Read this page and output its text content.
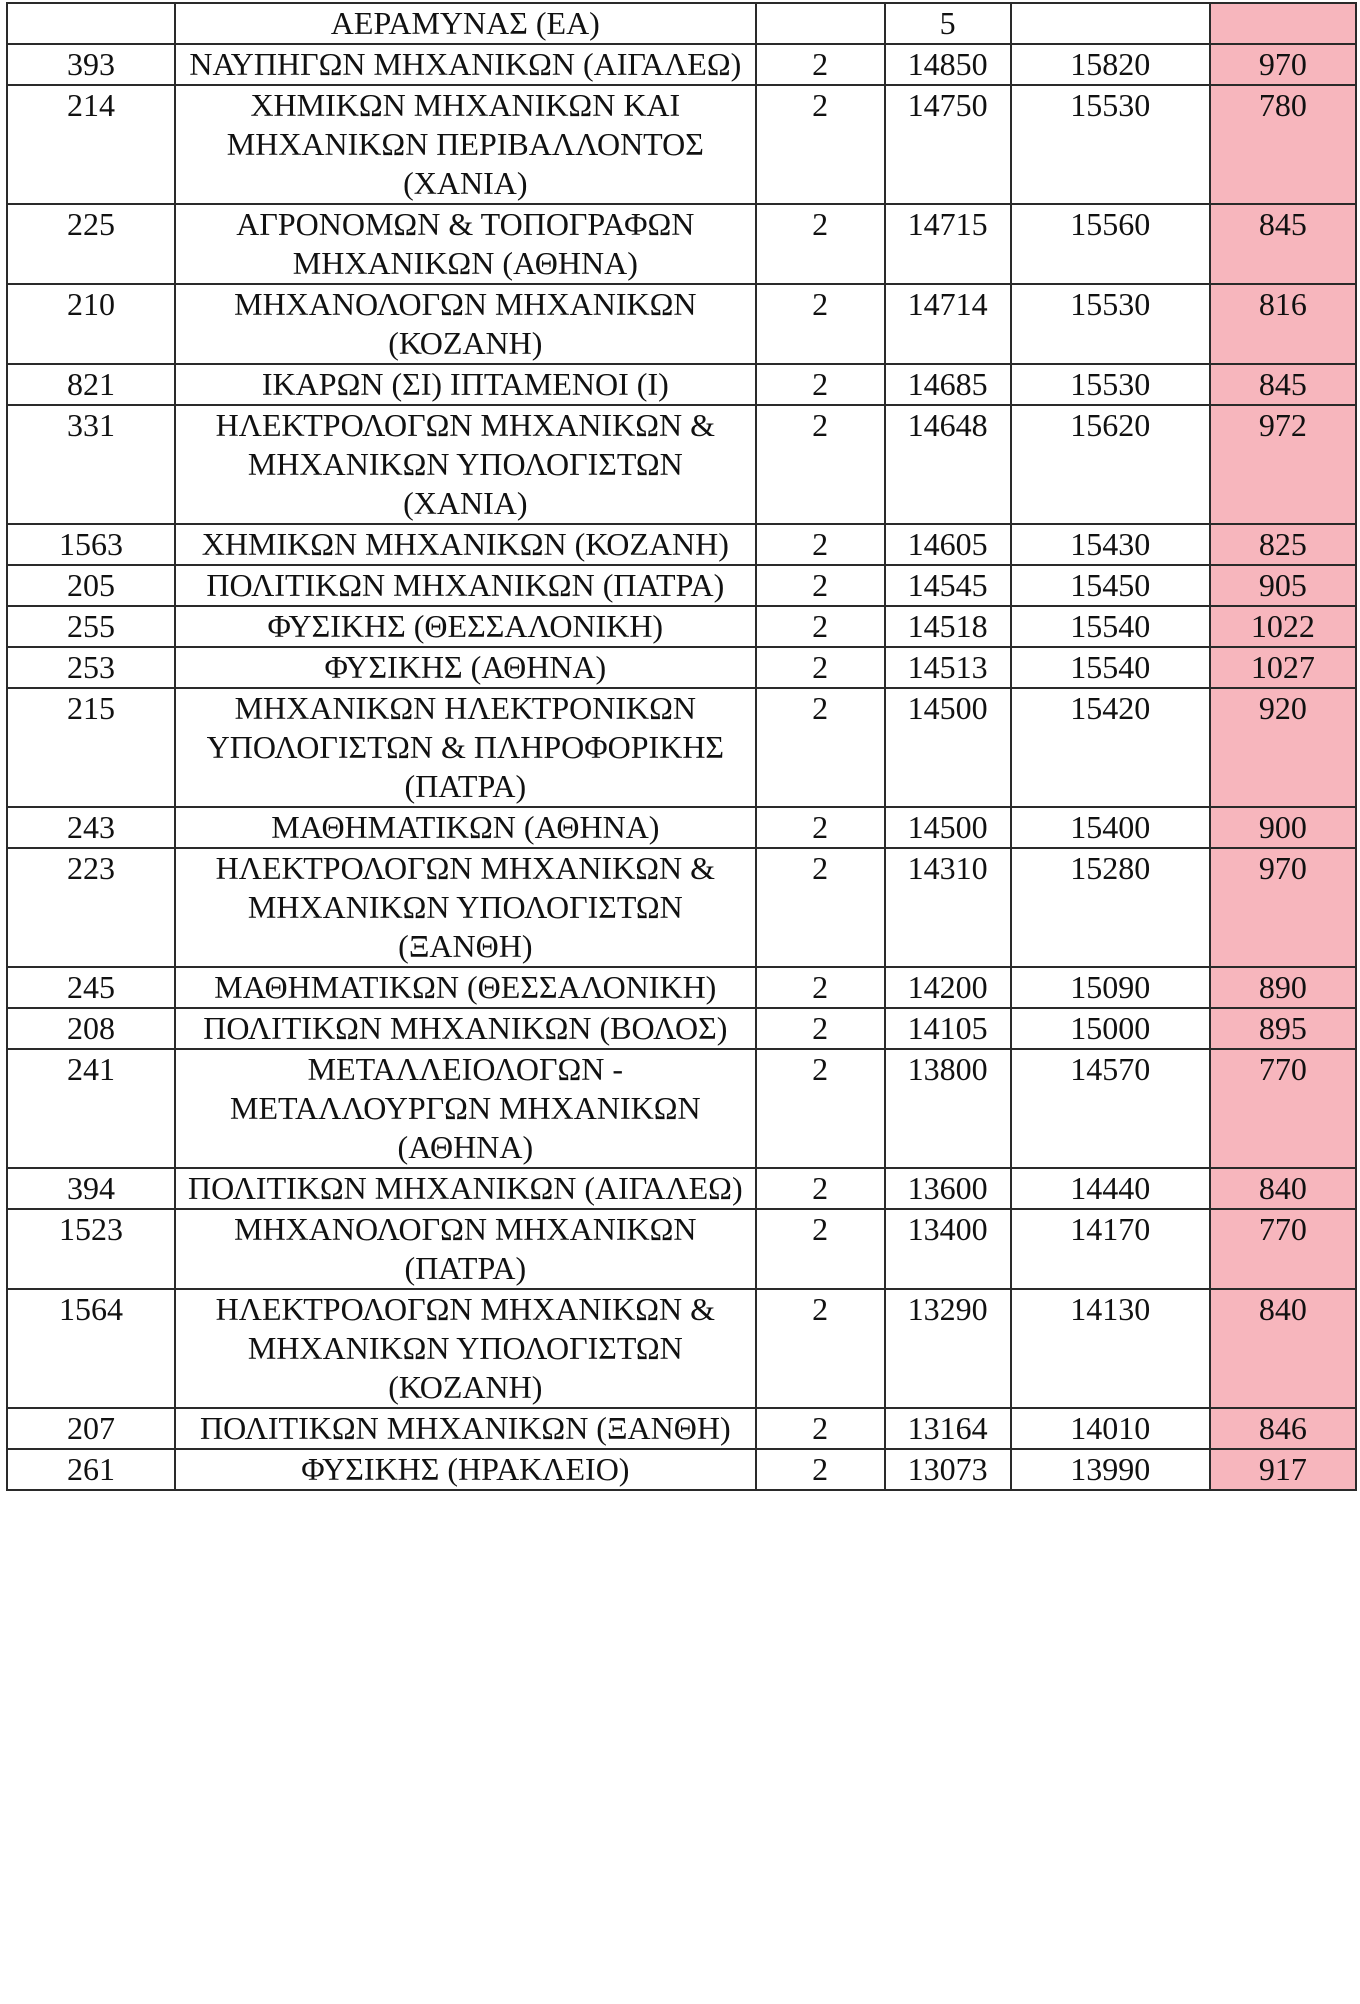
	ΑΕΡΑΜΥΝΑΣ (ΕΑ)		5		
393	ΝΑΥΠΗΓΩΝ ΜΗΧΑΝΙΚΩΝ (ΑΙΓΑΛΕΩ)	2	14850	15820	970
214	ΧΗΜΙΚΩΝ ΜΗΧΑΝΙΚΩΝ ΚΑΙ ΜΗΧΑΝΙΚΩΝ ΠΕΡΙΒΑΛΛΟΝΤΟΣ (ΧΑΝΙΑ)	2	14750	15530	780
225	ΑΓΡΟΝΟΜΩΝ & ΤΟΠΟΓΡΑΦΩΝ ΜΗΧΑΝΙΚΩΝ (ΑΘΗΝΑ)	2	14715	15560	845
210	ΜΗΧΑΝΟΛΟΓΩΝ ΜΗΧΑΝΙΚΩΝ (ΚΟΖΑΝΗ)	2	14714	15530	816
821	ΙΚΑΡΩΝ (ΣΙ) ΙΠΤΑΜΕΝΟΙ (Ι)	2	14685	15530	845
331	ΗΛΕΚΤΡΟΛΟΓΩΝ ΜΗΧΑΝΙΚΩΝ & ΜΗΧΑΝΙΚΩΝ ΥΠΟΛΟΓΙΣΤΩΝ (ΧΑΝΙΑ)	2	14648	15620	972
1563	ΧΗΜΙΚΩΝ ΜΗΧΑΝΙΚΩΝ (ΚΟΖΑΝΗ)	2	14605	15430	825
205	ΠΟΛΙΤΙΚΩΝ ΜΗΧΑΝΙΚΩΝ (ΠΑΤΡΑ)	2	14545	15450	905
255	ΦΥΣΙΚΗΣ (ΘΕΣΣΑΛΟΝΙΚΗ)	2	14518	15540	1022
253	ΦΥΣΙΚΗΣ (ΑΘΗΝΑ)	2	14513	15540	1027
215	ΜΗΧΑΝΙΚΩΝ ΗΛΕΚΤΡΟΝΙΚΩΝ ΥΠΟΛΟΓΙΣΤΩΝ & ΠΛΗΡΟΦΟΡΙΚΗΣ (ΠΑΤΡΑ)	2	14500	15420	920
243	ΜΑΘΗΜΑΤΙΚΩΝ (ΑΘΗΝΑ)	2	14500	15400	900
223	ΗΛΕΚΤΡΟΛΟΓΩΝ ΜΗΧΑΝΙΚΩΝ & ΜΗΧΑΝΙΚΩΝ ΥΠΟΛΟΓΙΣΤΩΝ (ΞΑΝΘΗ)	2	14310	15280	970
245	ΜΑΘΗΜΑΤΙΚΩΝ (ΘΕΣΣΑΛΟΝΙΚΗ)	2	14200	15090	890
208	ΠΟΛΙΤΙΚΩΝ ΜΗΧΑΝΙΚΩΝ (ΒΟΛΟΣ)	2	14105	15000	895
241	ΜΕΤΑΛΛΕΙΟΛΟΓΩΝ - ΜΕΤΑΛΛΟΥΡΓΩΝ ΜΗΧΑΝΙΚΩΝ (ΑΘΗΝΑ)	2	13800	14570	770
394	ΠΟΛΙΤΙΚΩΝ ΜΗΧΑΝΙΚΩΝ (ΑΙΓΑΛΕΩ)	2	13600	14440	840
1523	ΜΗΧΑΝΟΛΟΓΩΝ ΜΗΧΑΝΙΚΩΝ (ΠΑΤΡΑ)	2	13400	14170	770
1564	ΗΛΕΚΤΡΟΛΟΓΩΝ ΜΗΧΑΝΙΚΩΝ & ΜΗΧΑΝΙΚΩΝ ΥΠΟΛΟΓΙΣΤΩΝ (ΚΟΖΑΝΗ)	2	13290	14130	840
207	ΠΟΛΙΤΙΚΩΝ ΜΗΧΑΝΙΚΩΝ (ΞΑΝΘΗ)	2	13164	14010	846
261	ΦΥΣΙΚΗΣ (ΗΡΑΚΛΕΙΟ)	2	13073	13990	917
